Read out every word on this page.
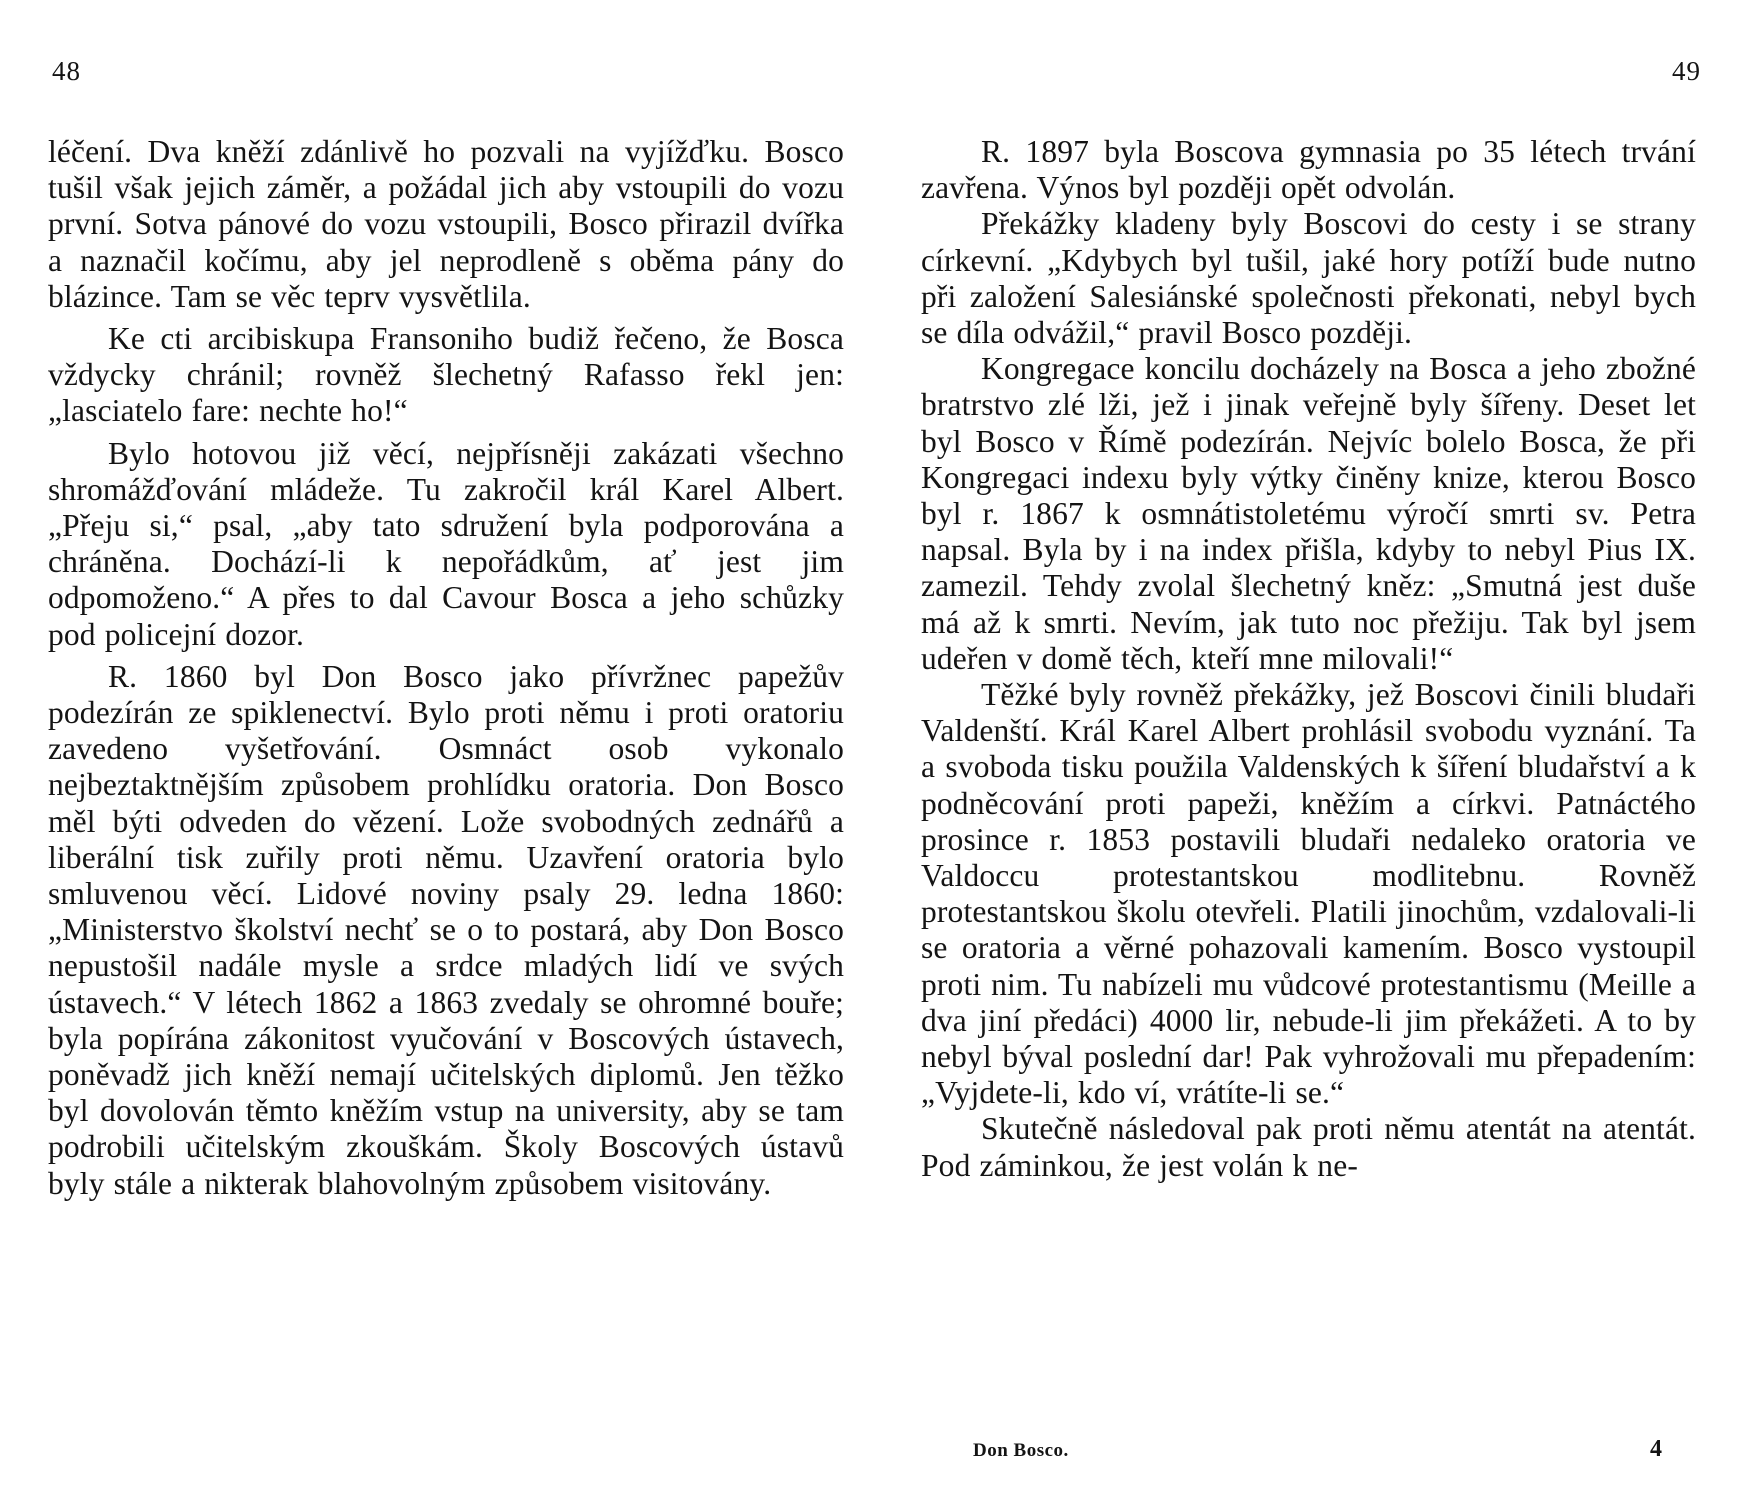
48

léčení. Dva kněží zdánlivě ho pozvali na vyjížďku. Bosco tušil však jejich záměr, a požádal jich aby vstoupili do vozu první. Sotva pánové do vozu vstoupili, Bosco přirazil dvířka a naznačil kočímu, aby jel neprodleně s oběma pány do blázince. Tam se věc teprv vysvětlila.

Ke cti arcibiskupa Fransoniho budiž řečeno, že Bosca vždycky chránil; rovněž šlechetný Rafasso řekl jen: „lasciatelo fare: nechte ho!“

Bylo hotovou již věcí, nejpřísněji zakázati všechno shromážďování mládeže. Tu zakročil král Karel Albert. „Přeju si,“ psal, „aby tato sdružení byla podporována a chráněna. Dochází-li k nepořádkům, ať jest jim odpomoženo.“ A přes to dal Cavour Bosca a jeho schůzky pod policejní dozor.

R. 1860 byl Don Bosco jako přívržnec papežův podezírán ze spiklenectví. Bylo proti němu i proti oratoriu zavedeno vyšetřování. Osmnáct osob vykonalo nejbeztaktnějším způsobem prohlídku oratoria. Don Bosco měl býti odveden do vězení. Lože svobodných zednářů a liberální tisk zuřily proti němu. Uzavření oratoria bylo smluvenou věcí. Lidové noviny psaly 29. ledna 1860: „Ministerstvo školství nechť se o to postará, aby Don Bosco nepustošil nadále mysle a srdce mladých lidí ve svých ústavech.“ V létech 1862 a 1863 zvedaly se ohromné bouře; byla popírána zákonitost vyučování v Boscových ústavech, poněvadž jich kněží nemají učitelských diplomů. Jen těžko byl dovolován těmto kněžím vstup na university, aby se tam podrobili učitelským zkouškám. Školy Boscových ústavů byly stále a nikterak blahovolným způsobem visitovány.

49

R. 1897 byla Boscova gymnasia po 35 létech trvání zavřena. Výnos byl později opět odvolán.

Překážky kladeny byly Boscovi do cesty i se strany církevní. „Kdybych byl tušil, jaké hory potíží bude nutno při založení Salesiánské společnosti překonati, nebyl bych se díla odvážil,“ pravil Bosco později.

Kongregace koncilu docházely na Bosca a jeho zbožné bratrstvo zlé lži, jež i jinak veřejně byly šířeny. Deset let byl Bosco v Římě podezírán. Nejvíc bolelo Bosca, že při Kongregaci indexu byly výtky činěny knize, kterou Bosco byl r. 1867 k osmnátistoletému výročí smrti sv. Petra napsal. Byla by i na index přišla, kdyby to nebyl Pius IX. zamezil. Tehdy zvolal šlechetný kněz: „Smutná jest duše má až k smrti. Nevím, jak tuto noc přežiju. Tak byl jsem udeřen v domě těch, kteří mne milovali!“

Těžké byly rovněž překážky, jež Boscovi činili bludaři Valdenští. Král Karel Albert prohlásil svobodu vyznání. Ta a svoboda tisku použila Valdenských k šíření bludařství a k podněcování proti papeži, kněžím a církvi. Patnáctého prosince r. 1853 postavili bludaři nedaleko oratoria ve Valdoccu protestantskou modlitebnu. Rovněž protestantskou školu otevřeli. Platili jinochům, vzdalovali-li se oratoria a věrné pohazovali kamením. Bosco vystoupil proti nim. Tu nabízeli mu vůdcové protestantismu (Meille a dva jiní předáci) 4000 lir, nebude-li jim překážeti. A to by nebyl býval poslední dar! Pak vyhrožovali mu přepadením: „Vyjdete-li, kdo ví, vrátíte-li se.“

Skutečně následoval pak proti němu atentát na atentát. Pod záminkou, že jest volán k ne-

Don Bosco.	4
